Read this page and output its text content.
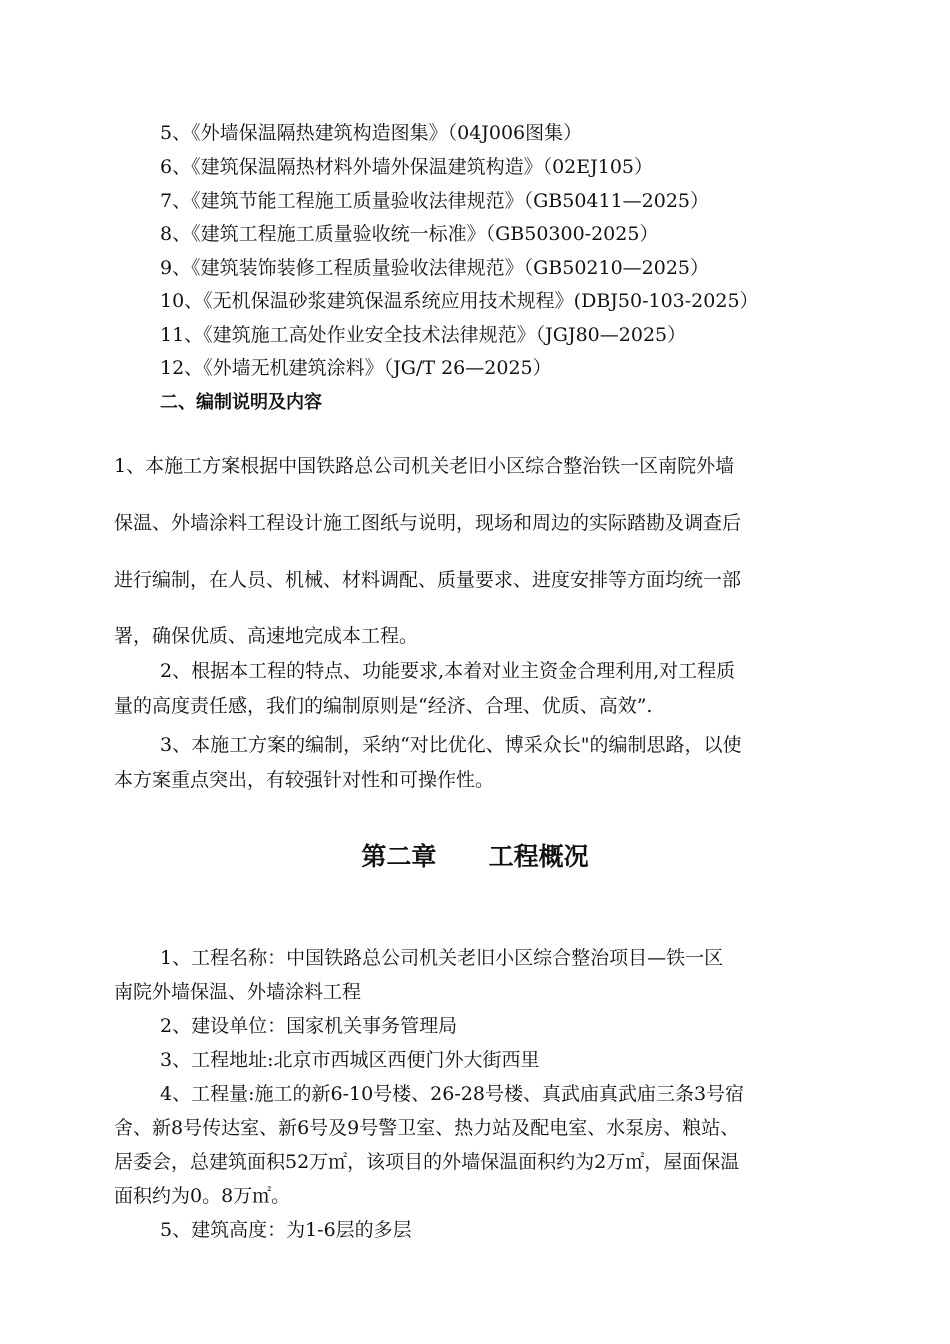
5、《外墙保温隔热建筑构造图集》（04J006图集）
6、《建筑保温隔热材料外墙外保温建筑构造》（02EJ105）
7、《建筑节能工程施工质量验收法律规范》（GB50411—2025）
8、《建筑工程施工质量验收统一标准》（GB50300-2025）
9、《建筑装饰装修工程质量验收法律规范》（GB50210—2025）
10、《无机保温砂浆建筑保温系统应用技术规程》(DBJ50-103-2025）
11、《建筑施工高处作业安全技术法律规范》（JGJ80—2025）
12、《外墙无机建筑涂料》（JG/T 26—2025）
二、编制说明及内容
1、本施工方案根据中国铁路总公司机关老旧小区综合整治铁一区南院外墙
保温、外墙涂料工程设计施工图纸与说明，现场和周边的实际踏勘及调查后
进行编制，在人员、机械、材料调配、质量要求、进度安排等方面均统一部
署，确保优质、高速地完成本工程。
2、根据本工程的特点、功能要求,本着对业主资金合理利用,对工程质
量的高度责任感，我们的编制原则是“经济、合理、优质、高效”.
3、本施工方案的编制，采纳“对比优化、博采众长"的编制思路，以使
本方案重点突出，有较强针对性和可操作性。
第二章      工程概况
1、工程名称：中国铁路总公司机关老旧小区综合整治项目—铁一区
南院外墙保温、外墙涂料工程
2、建设单位：国家机关事务管理局
3、工程地址:北京市西城区西便门外大街西里
4、工程量:施工的新6-10号楼、26-28号楼、真武庙真武庙三条3号宿
舍、新8号传达室、新6号及9号警卫室、热力站及配电室、水泵房、粮站、
居委会，总建筑面积52万㎡，该项目的外墙保温面积约为2万㎡，屋面保温
面积约为0。8万㎡。
5、建筑高度：为1-6层的多层
